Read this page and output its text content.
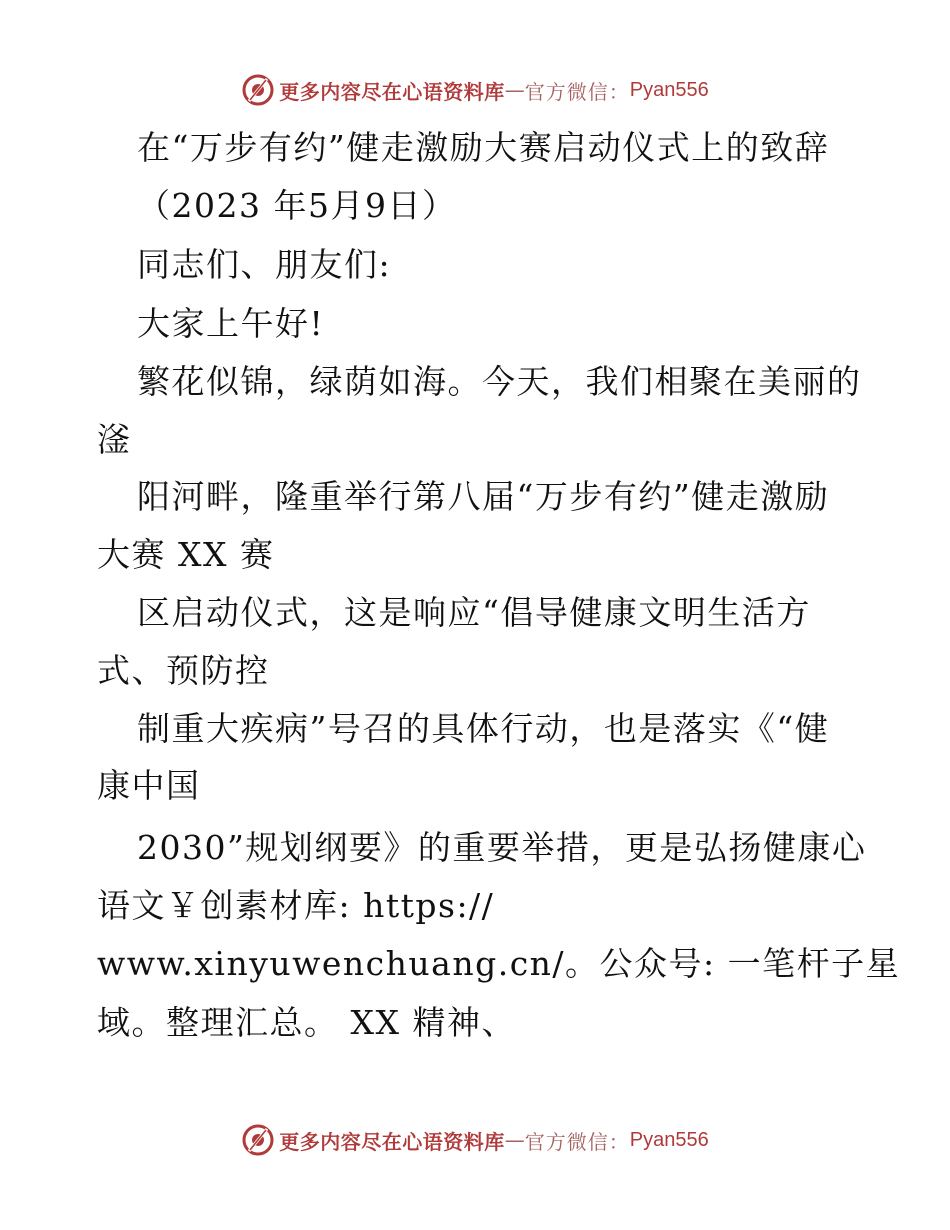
更多内容尽在心语资料库 — 官方微信： Pyan556
在“万步有约”健走激励大赛启动仪式上的致辞
（2023 年5月9日）
同志们、朋友们:
大家上午好!
繁花似锦，绿荫如海。今天，我们相聚在美丽的
滏
阳河畔，隆重举行第八届“万步有约”健走激励
大赛 XX 赛
区启动仪式，这是响应“倡导健康文明生活方
式、预防控
制重大疾病”号召的具体行动，也是落实《“健
康中国
2030”规划纲要》的重要举措，更是弘扬健康心
语文￥创素材库: https://
www.xinyuwenchuang.cn/。公众号: 一笔杆子星
域。整理汇总。 XX 精神、
更多内容尽在心语资料库 — 官方微信： Pyan556
